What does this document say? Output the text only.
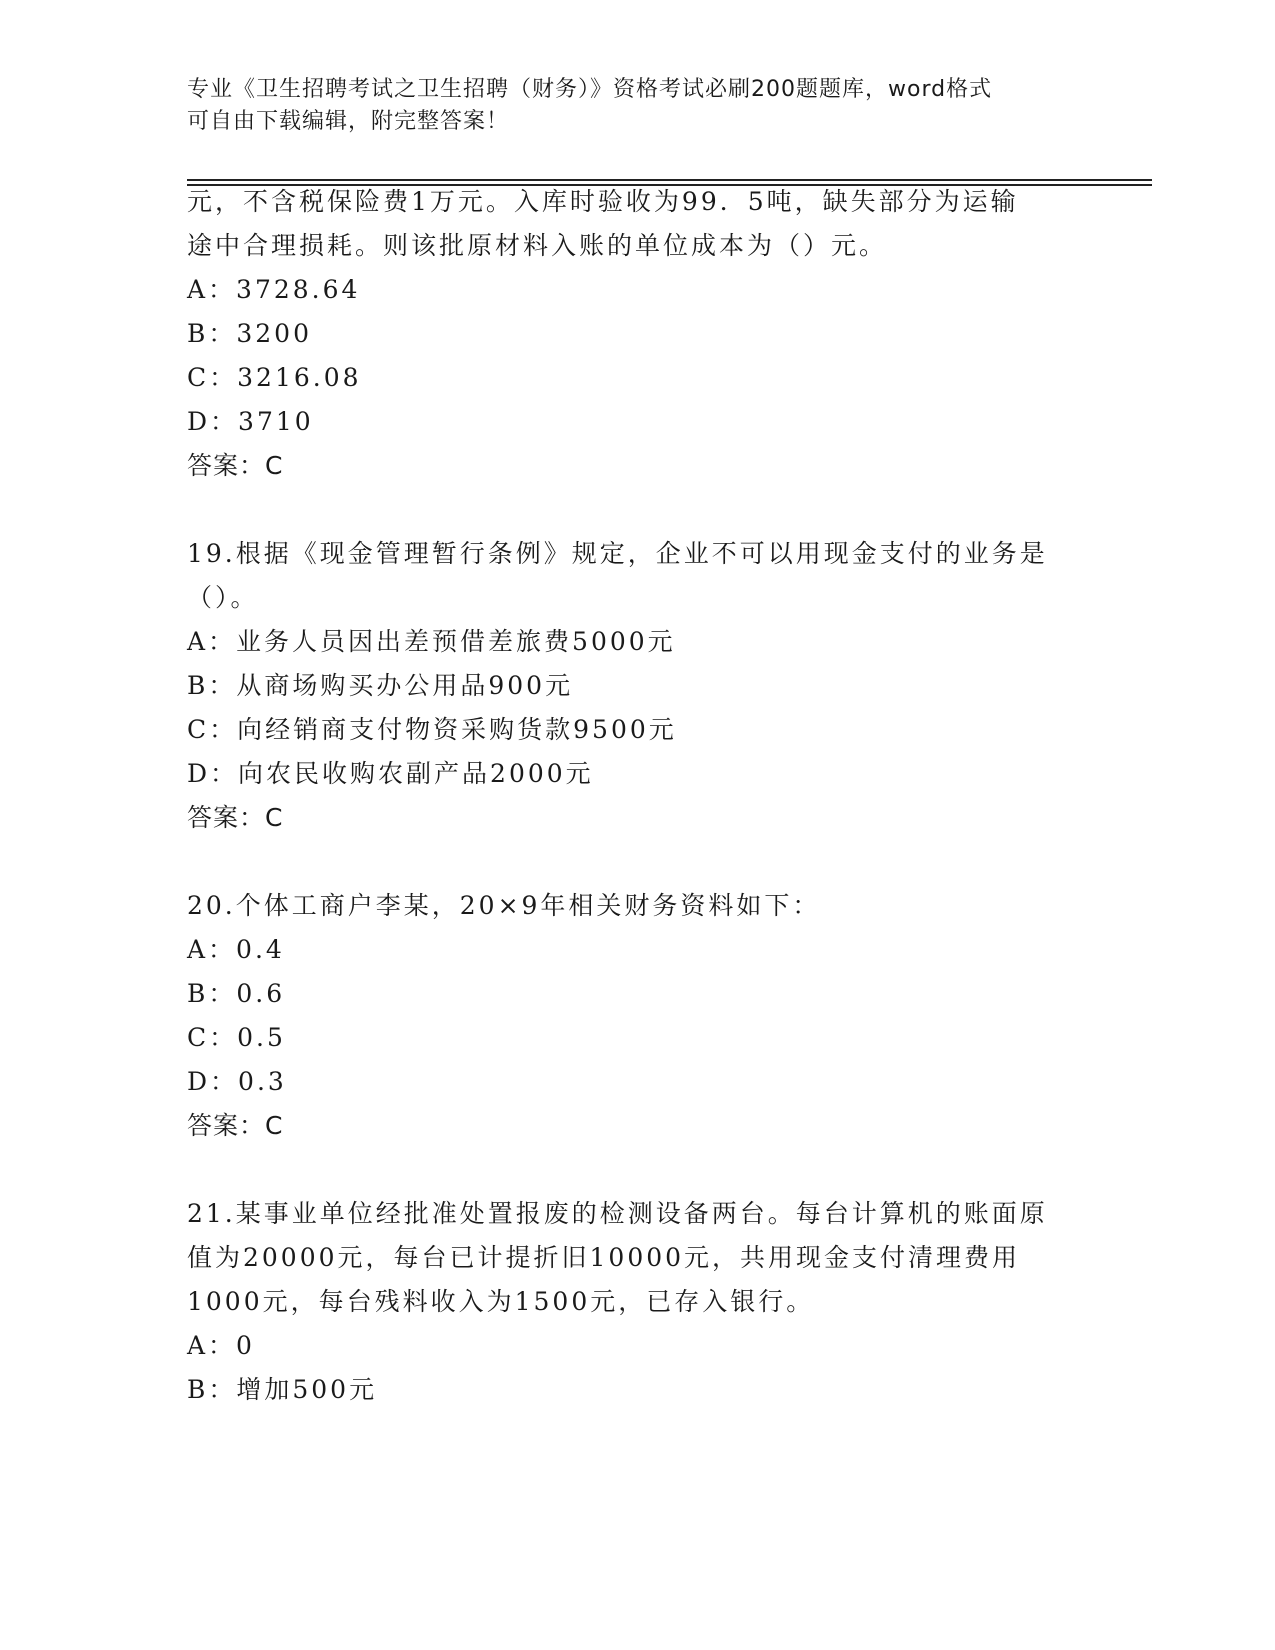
专业《卫生招聘考试之卫生招聘（财务）》资格考试必刷200题题库，word格式
可自由下载编辑，附完整答案！
元，不含税保险费1万元。入库时验收为99．5吨，缺失部分为运输
途中合理损耗。则该批原材料入账的单位成本为（）元。
A：3728.64
B：3200
C：3216.08
D：3710
答案：C
19.根据《现金管理暂行条例》规定，企业不可以用现金支付的业务是
（）。
A：业务人员因出差预借差旅费5000元
B：从商场购买办公用品900元
C：向经销商支付物资采购货款9500元
D：向农民收购农副产品2000元
答案：C
20.个体工商户李某，20×9年相关财务资料如下：
A：0.4
B：0.6
C：0.5
D：0.3
答案：C
21.某事业单位经批准处置报废的检测设备两台。每台计算机的账面原
值为20000元，每台已计提折旧10000元，共用现金支付清理费用
1000元，每台残料收入为1500元，已存入银行。
A：0
B：增加500元
